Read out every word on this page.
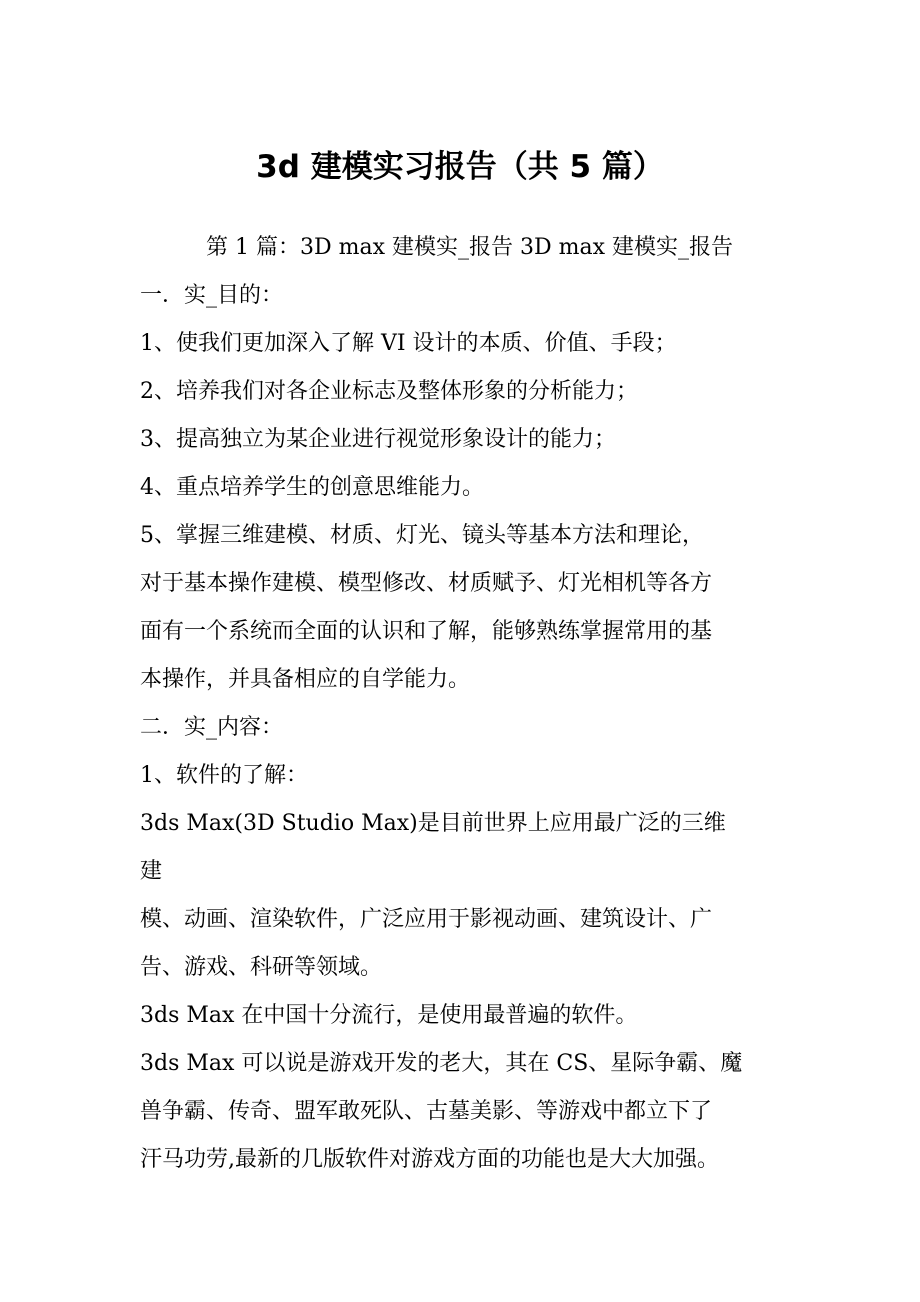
3d 建模实习报告（共 5 篇）

第 1 篇：3D max 建模实_报告 3D max 建模实_报告

一．实_目的：

1、使我们更加深入了解 VI 设计的本质、价值、手段；

2、培养我们对各企业标志及整体形象的分析能力；

3、提高独立为某企业进行视觉形象设计的能力；

4、重点培养学生的创意思维能力。

5、掌握三维建模、材质、灯光、镜头等基本方法和理论，

对于基本操作建模、模型修改、材质赋予、灯光相机等各方

面有一个系统而全面的认识和了解，能够熟练掌握常用的基

本操作，并具备相应的自学能力。

二．实_内容：

1、软件的了解：

3ds Max(3D Studio Max)是目前世界上应用最广泛的三维

建

模、动画、渲染软件，广泛应用于影视动画、建筑设计、广

告、游戏、科研等领域。

3ds Max 在中国十分流行，是使用最普遍的软件。

3ds Max 可以说是游戏开发的老大，其在 CS、星际争霸、魔

兽争霸、传奇、盟军敢死队、古墓美影、等游戏中都立下了

汗马功劳,最新的几版软件对游戏方面的功能也是大大加强。
